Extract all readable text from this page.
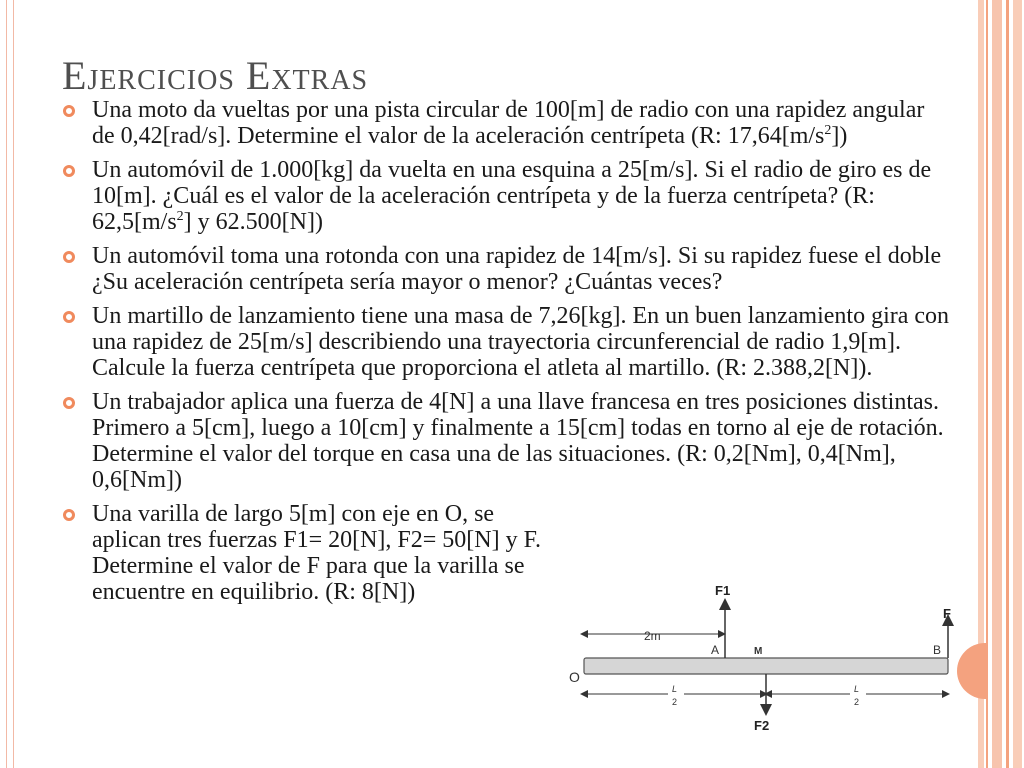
Ejercicios Extras
Una moto da vueltas por una pista circular de 100[m] de radio con una rapidez angular de 0,42[rad/s]. Determine el valor de la aceleración centrípeta (R: $17,64[m/s^2]$)
Un automóvil de 1.000[kg] da vuelta en una esquina a 25[m/s]. Si el radio de giro es de 10[m]. ¿Cuál es el valor de la aceleración centrípeta y de la fuerza centrípeta? (R: $62,5[m/s^2]$ y 62.500[N])
Un automóvil toma una rotonda con una rapidez de 14[m/s]. Si su rapidez fuese el doble ¿Su aceleración centrípeta sería mayor o menor? ¿Cuántas veces?
Un martillo de lanzamiento tiene una masa de 7,26[kg]. En un buen lanzamiento gira con una rapidez de 25[m/s] describiendo una trayectoria circunferencial de radio 1,9[m]. Calcule la fuerza centrípeta que proporciona el atleta al martillo. (R: 2.388,2[N]).
Un trabajador aplica una fuerza de 4[N] a una llave francesa en tres posiciones distintas. Primero a 5[cm], luego a 10[cm] y finalmente a 15[cm] todas en torno al eje de rotación. Determine el valor del torque en casa una de las situaciones. (R: 0,2[Nm], 0,4[Nm], 0,6[Nm])
Una varilla de largo 5[m] con eje en O, se aplican tres fuerzas F1= 20[N], F2= 50[N] y F. Determine el valor de F para que la varilla se encuentre en equilibrio. (R: 8[N])
2m
F1
F
F2
A	M	B
O
L
2
L
2
